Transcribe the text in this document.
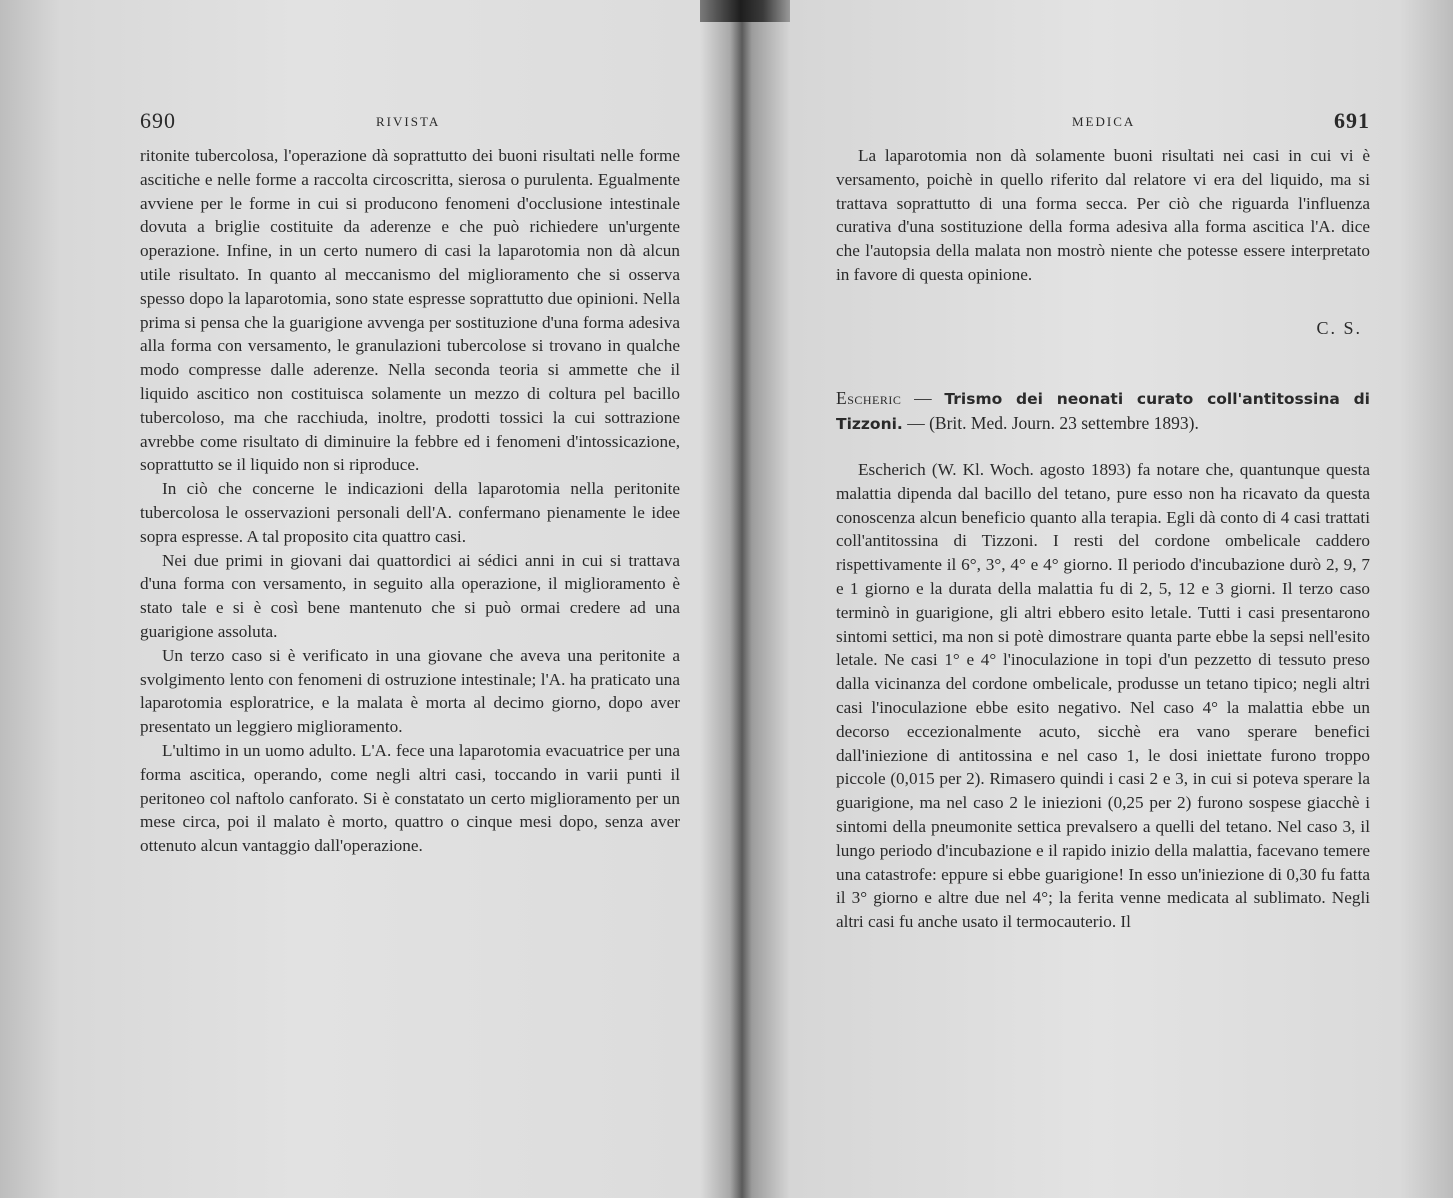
690	RIVISTA

ritonite tubercolosa, l'operazione dà soprattutto dei buoni risultati nelle forme ascitiche e nelle forme a raccolta circoscritta, sierosa o purulenta. Egualmente avviene per le forme in cui si producono fenomeni d'occlusione intestinale dovuta a briglie costituite da aderenze e che può richiedere un'urgente operazione. Infine, in un certo numero di casi la laparotomia non dà alcun utile risultato. In quanto al meccanismo del miglioramento che si osserva spesso dopo la laparotomia, sono state espresse soprattutto due opinioni. Nella prima si pensa che la guarigione avvenga per sostituzione d'una forma adesiva alla forma con versamento, le granulazioni tubercolose si trovano in qualche modo compresse dalle aderenze. Nella seconda teoria si ammette che il liquido ascitico non costituisca solamente un mezzo di coltura pel bacillo tubercoloso, ma che racchiuda, inoltre, prodotti tossici la cui sottrazione avrebbe come risultato di diminuire la febbre ed i fenomeni d'intossicazione, soprattutto se il liquido non si riproduce.

In ciò che concerne le indicazioni della laparotomia nella peritonite tubercolosa le osservazioni personali dell'A. confermano pienamente le idee sopra espresse. A tal proposito cita quattro casi.

Nei due primi in giovani dai quattordici ai sédici anni in cui si trattava d'una forma con versamento, in seguito alla operazione, il miglioramento è stato tale e si è così bene mantenuto che si può ormai credere ad una guarigione assoluta.

Un terzo caso si è verificato in una giovane che aveva una peritonite a svolgimento lento con fenomeni di ostruzione intestinale; l'A. ha praticato una laparotomia esploratrice, e la malata è morta al decimo giorno, dopo aver presentato un leggiero miglioramento.

L'ultimo in un uomo adulto. L'A. fece una laparotomia evacuatrice per una forma ascitica, operando, come negli altri casi, toccando in varii punti il peritoneo col naftolo canforato. Si è constatato un certo miglioramento per un mese circa, poi il malato è morto, quattro o cinque mesi dopo, senza aver ottenuto alcun vantaggio dall'operazione.

MEDICA	691

La laparotomia non dà solamente buoni risultati nei casi in cui vi è versamento, poichè in quello riferito dal relatore vi era del liquido, ma si trattava soprattutto di una forma secca. Per ciò che riguarda l'influenza curativa d'una sostituzione della forma adesiva alla forma ascitica l'A. dice che l'autopsia della malata non mostrò niente che potesse essere interpretato in favore di questa opinione.

C. S.
Escheric — Trismo dei neonati curato coll'antitossina di Tizzoni. — (Brit. Med. Journ. 23 settembre 1893).

Escherich (W. Kl. Woch. agosto 1893) fa notare che, quantunque questa malattia dipenda dal bacillo del tetano, pure esso non ha ricavato da questa conoscenza alcun beneficio quanto alla terapia. Egli dà conto di 4 casi trattati coll'antitossina di Tizzoni. I resti del cordone ombelicale caddero rispettivamente il 6°, 3°, 4° e 4° giorno. Il periodo d'incubazione durò 2, 9, 7 e 1 giorno e la durata della malattia fu di 2, 5, 12 e 3 giorni. Il terzo caso terminò in guarigione, gli altri ebbero esito letale. Tutti i casi presentarono sintomi settici, ma non si potè dimostrare quanta parte ebbe la sepsi nell'esito letale. Ne casi 1° e 4° l'inoculazione in topi d'un pezzetto di tessuto preso dalla vicinanza del cordone ombelicale, produsse un tetano tipico; negli altri casi l'inoculazione ebbe esito negativo. Nel caso 4° la malattia ebbe un decorso eccezionalmente acuto, sicchè era vano sperare benefici dall'iniezione di antitossina e nel caso 1, le dosi iniettate furono troppo piccole (0,015 per 2). Rimasero quindi i casi 2 e 3, in cui si poteva sperare la guarigione, ma nel caso 2 le iniezioni (0,25 per 2) furono sospese giacchè i sintomi della pneumonite settica prevalsero a quelli del tetano. Nel caso 3, il lungo periodo d'incubazione e il rapido inizio della malattia, facevano temere una catastrofe: eppure si ebbe guarigione! In esso un'iniezione di 0,30 fu fatta il 3° giorno e altre due nel 4°; la ferita venne medicata al sublimato. Negli altri casi fu anche usato il termocauterio. Il
